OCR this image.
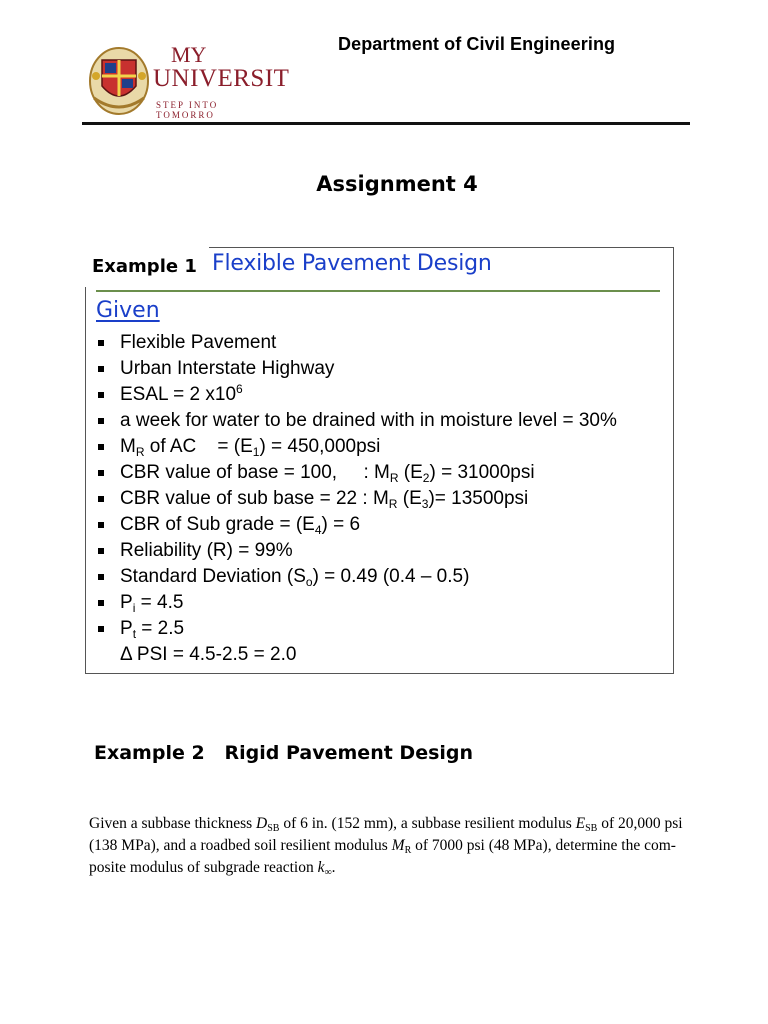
Department of Civil Engineering
MY
UNIVERSIT
STEP INTO TOMORRO
Assignment 4
Example 1 Flexible Pavement Design
Given
Flexible Pavement
Urban Interstate Highway
ESAL = 2 $x10^6$
a week for water to be drained with in moisture level = 30%
$M_R$ of AC    = $(E_1) = 450,000psi$
CBR value of base = 100,     : $M_R$ $(E_2) = 31000psi$
CBR value of sub base = 22 : $M_R$ $(E_3)= 13500psi$
CBR of Sub grade = $(E_4) = 6$
Reliability (R) = 99%
Standard Deviation $(S_o) = 0.49$ (0.4 – 0.5)
$P_i = 4.5$
$P_t = 2.5$
Δ PSI = 4.5-2.5 = 2.0
Example 2   Rigid Pavement Design
Given a subbase thickness $D_{SB}$ of 6 in. (152 mm), a subbase resilient modulus $E_{SB}$ of 20,000 psi
(138 MPa), and a roadbed soil resilient modulus $M_R$ of 7000 psi (48 MPa), determine the com-
posite modulus of subgrade reaction $k_\infty$.
